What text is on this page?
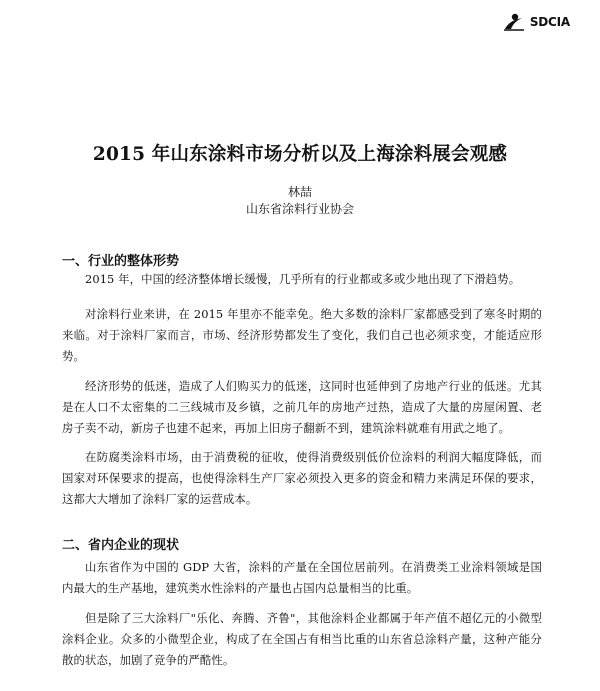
SDCIA
2015 年山东涂料市场分析以及上海涂料展会观感
林喆
山东省涂料行业协会
一、行业的整体形势

2015 年，中国的经济整体增长缓慢，几乎所有的行业都或多或少地出现了下滑趋势。

对涂料行业来讲，在 2015 年里亦不能幸免。绝大多数的涂料厂家都感受到了寒冬时期的来临。对于涂料厂家而言，市场、经济形势都发生了变化，我们自己也必须求变，才能适应形势。

经济形势的低迷，造成了人们购买力的低迷，这同时也延伸到了房地产行业的低迷。尤其是在人口不太密集的二三线城市及乡镇，之前几年的房地产过热，造成了大量的房屋闲置、老房子卖不动，新房子也建不起来，再加上旧房子翻新不到，建筑涂料就难有用武之地了。

在防腐类涂料市场，由于消费税的征收，使得消费级别低价位涂料的利润大幅度降低，而国家对环保要求的提高，也使得涂料生产厂家必须投入更多的资金和精力来满足环保的要求，这都大大增加了涂料厂家的运营成本。

二、省内企业的现状

山东省作为中国的 GDP 大省，涂料的产量在全国位居前列。在消费类工业涂料领域是国内最大的生产基地，建筑类水性涂料的产量也占国内总量相当的比重。

但是除了三大涂料厂"乐化、奔腾、齐鲁"，其他涂料企业都属于年产值不超亿元的小微型涂料企业。众多的小微型企业，构成了在全国占有相当比重的山东省总涂料产量，这种产能分散的状态，加剧了竞争的严酷性。
